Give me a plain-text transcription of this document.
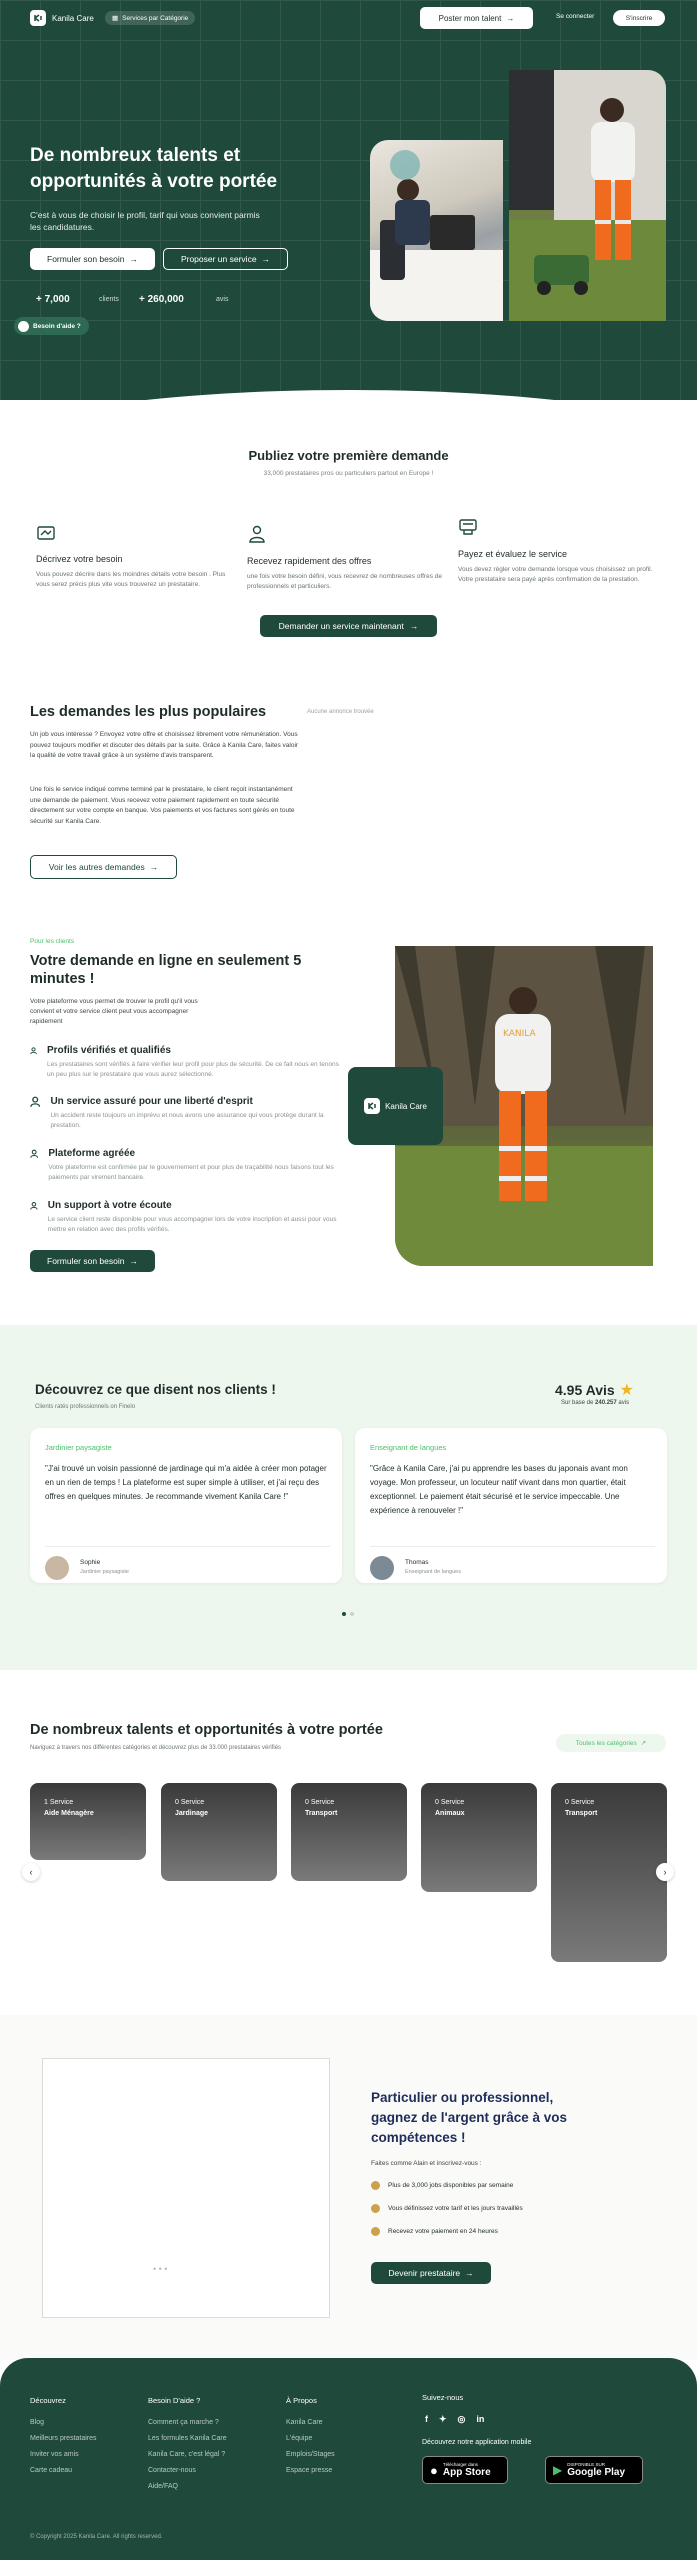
Kanila Care	▦ Services par Catégorie	Poster mon talent →	Se connecter	S'inscrire
De nombreux talents et opportunités à votre portée

C'est à vous de choisir le profil, tarif qui vous convient parmis les candidatures.

Formuler son besoin →	Proposer un service →
+ 7,000	clients + 260,000	avis
Besoin d'aide ?
Publiez votre première demande

33,000 prestataires pros ou particuliers partout en Europe !

Décrivez votre besoin

Vous pouvez décrire dans les moindres détails votre besoin . Plus vous serez précis plus vite vous trouverez un prestataire.

Recevez rapidement des offres

une fois votre besoin défini, vous recevrez de nombreuses offres de professionnels et particuliers.

Payez et évaluez le service

Vous devez régler votre demande lorsque vous choisissez un profil. Votre prestataire sera payé après confirmation de la prestation.

Demander un service maintenant →
Les demandes les plus populaires	Aucune annonce trouvée

Un job vous intéresse ? Envoyez votre offre et choisissez librement votre rémunération. Vous pouvez toujours modifier et discuter des détails par la suite. Grâce à Kanila Care, faites valoir la qualité de votre travail grâce à un système d'avis transparent.

Une fois le service indiqué comme terminé par le prestataire, le client reçoit instantanément une demande de paiement. Vous recevez votre paiement rapidement en toute sécurité directement sur votre compte en banque. Vos paiements et vos factures sont gérés en toute sécurité sur Kanila Care.

Voir les autres demandes →
Pour les clients
Votre demande en ligne en seulement 5 minutes !

Votre plateforme vous permet de trouver le profil qu'il vous convient et votre service client peut vous accompagner rapidement

Profils vérifiés et qualifiés

Les prestataires sont vérifiés à faire vérifier leur profil pour plus de sécurité. De ce fait nous en tenons un peu plus sur le prestataire que vous aurez sélectionné.

Un service assuré pour une liberté d'esprit

Un accident reste toujours un imprévu et nous avons une assurance qui vous protège durant la prestation.

Plateforme agréée

Votre plateforme est confirmée par le gouvernement et pour plus de traçabilité nous faisons tout les paiements par virement bancaire.

Un support à votre écoute

Le service client reste disponible pour vous accompagner lors de votre inscription et aussi pour vous mettre en relation avec des profils vérifiés.

Formuler son besoin →
KANILA
Kanila Care
Découvrez ce que disent nos clients !

Clients ratés professionnels on Finelo

4.95 Avis ★
Sur base de 240.257 avis
Jardinier paysagiste

"J'ai trouvé un voisin passionné de jardinage qui m'a aidée à créer mon potager en un rien de temps ! La plateforme est super simple à utiliser, et j'ai reçu des offres en quelques minutes. Je recommande vivement Kanila Care !"

Sophie
Jardinier paysagiste
Enseignant de langues

"Grâce à Kanila Care, j'ai pu apprendre les bases du japonais avant mon voyage. Mon professeur, un locuteur natif vivant dans mon quartier, était exceptionnel. Le paiement était sécurisé et le service impeccable. Une expérience à renouveler !"

Thomas
Enseignant de langues
De nombreux talents et opportunités à votre portée

Naviguez à travers nos différentes catégories et découvrez plus de 33.000 prestataires vérifiés

Toutes les catégories ↗
1 Service
Aide Ménagère
0 Service
Jardinage
0 Service
Transport
0 Service
Animaux
0 Service
Transport
‹	›
• • •
Particulier ou professionnel, gagnez de l'argent grâce à vos compétences !

Faites comme Alain et inscrivez-vous :

Plus de 3,000 jobs disponibles par semaine
Vous définissez votre tarif et les jours travaillés
Recevez votre paiement en 24 heures
Devenir prestataire →
Découvrez
Blog
Meilleurs prestataires
Inviter vos amis
Carte cadeau
Besoin D'aide ?
Comment ça marche ?
Les formules Kanila Care
Kanila Care, c'est légal ?
Contacter-nous
Aide/FAQ
À Propos
Kanila Care
L'équipe
Emplois/Stages
Espace presse
Suivez-nous
f ✦ ◎ in
Découvrez notre application mobile
● Télécharger dans
App Store	▶ DISPONIBLE SUR
Google Play
© Copyright 2025 Kanila Care. All rights reserved.
